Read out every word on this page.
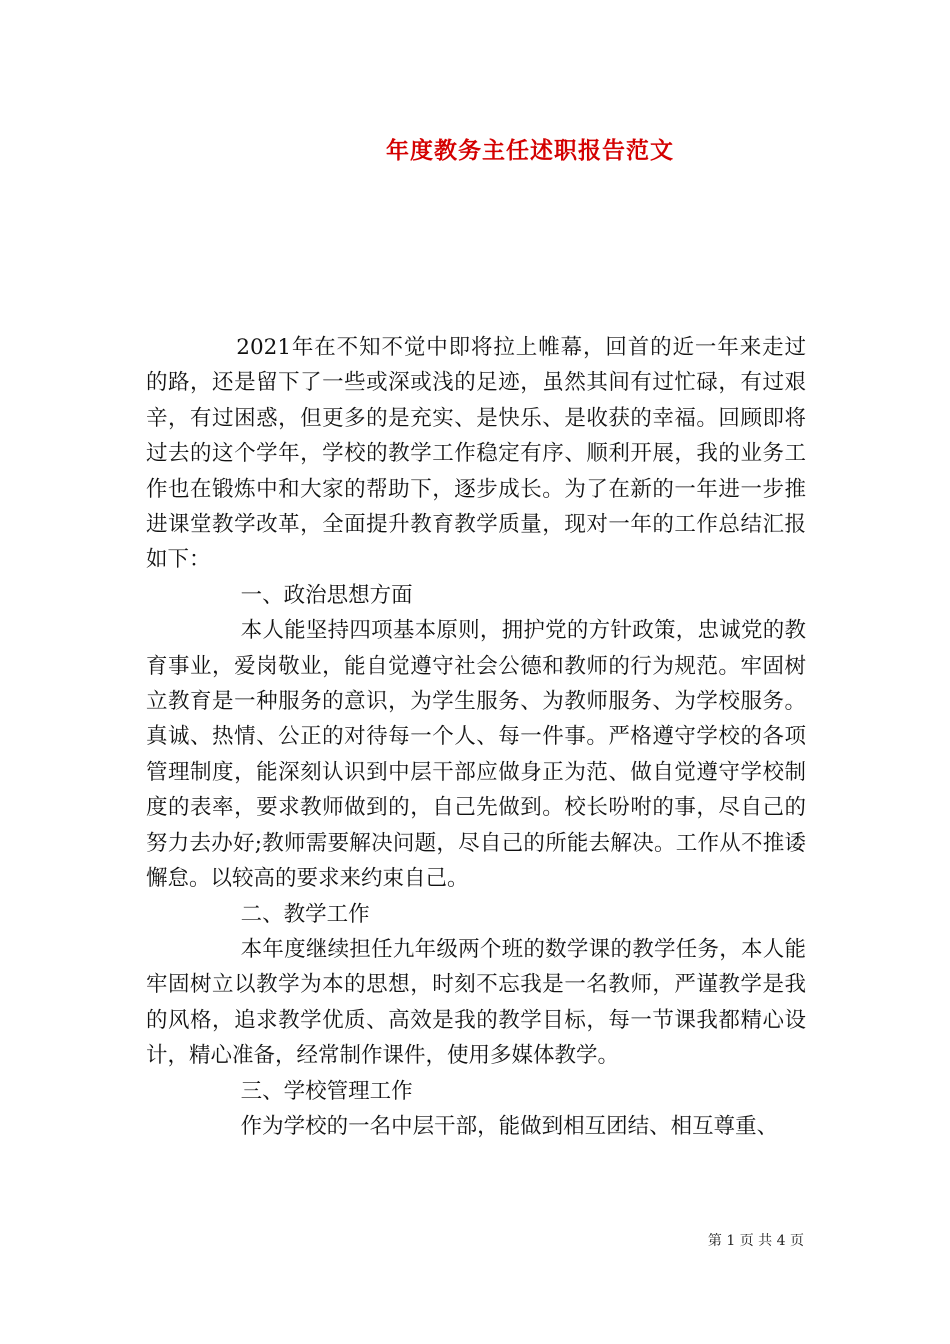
年度教务主任述职报告范文

2021年在不知不觉中即将拉上帷幕，回首的近一年来走过的路，还是留下了一些或深或浅的足迹，虽然其间有过忙碌，有过艰辛，有过困惑，但更多的是充实、是快乐、是收获的幸福。回顾即将过去的这个学年，学校的教学工作稳定有序、顺利开展，我的业务工作也在锻炼中和大家的帮助下，逐步成长。为了在新的一年进一步推进课堂教学改革，全面提升教育教学质量，现对一年的工作总结汇报如下：

一、政治思想方面

本人能坚持四项基本原则，拥护党的方针政策，忠诚党的教育事业，爱岗敬业，能自觉遵守社会公德和教师的行为规范。牢固树立教育是一种服务的意识，为学生服务、为教师服务、为学校服务。真诚、热情、公正的对待每一个人、每一件事。严格遵守学校的各项管理制度，能深刻认识到中层干部应做身正为范、做自觉遵守学校制度的表率，要求教师做到的，自己先做到。校长吩咐的事，尽自己的努力去办好;教师需要解决问题，尽自己的所能去解决。工作从不推诿懈怠。以较高的要求来约束自己。

二、教学工作

本年度继续担任九年级两个班的数学课的教学任务，本人能牢固树立以教学为本的思想，时刻不忘我是一名教师，严谨教学是我的风格，追求教学优质、高效是我的教学目标，每一节课我都精心设计，精心准备，经常制作课件，使用多媒体教学。

三、学校管理工作

作为学校的一名中层干部，能做到相互团结、相互尊重、

第 1 页 共 4 页
